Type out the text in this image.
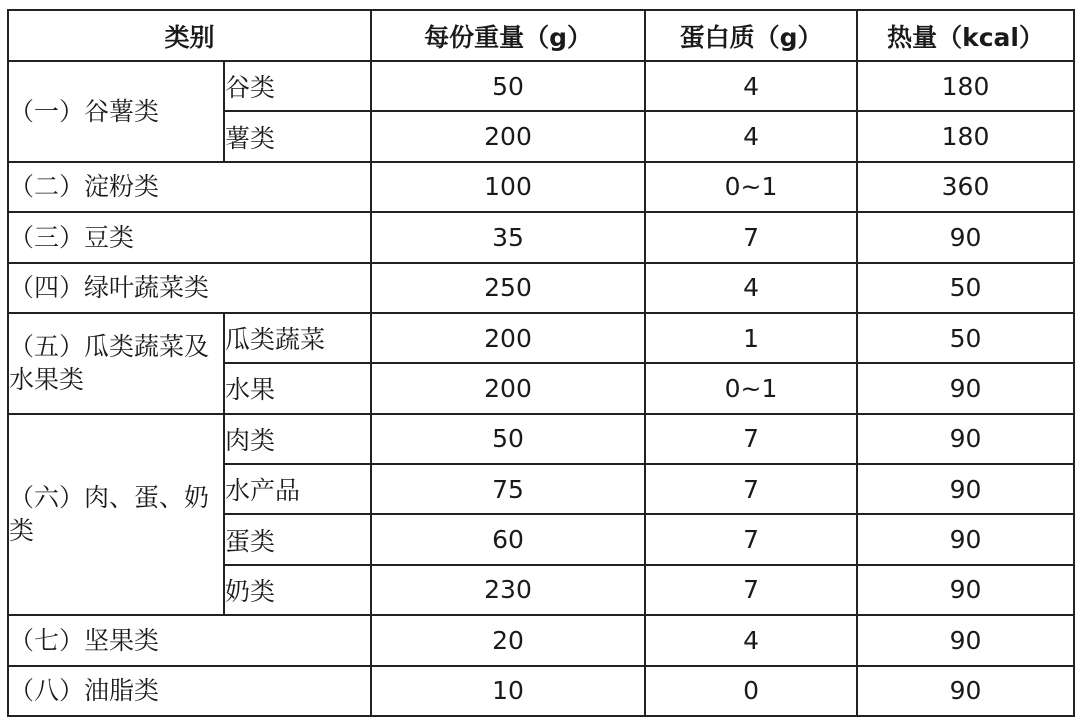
类别		每份重量（g）	蛋白质（g）	热量（kcal）
（一）谷薯类	谷类	50	4	180
	薯类	200	4	180
（二）淀粉类		100	0~1	360
（三）豆类		35	7	90
（四）绿叶蔬菜类		250	4	50
（五）瓜类蔬菜及水果类	瓜类蔬菜	200	1	50
	水果	200	0~1	90
（六）肉、蛋、奶类	肉类	50	7	90
	水产品	75	7	90
	蛋类	60	7	90
	奶类	230	7	90
（七）坚果类		20	4	90
（八）油脂类		10	0	90
